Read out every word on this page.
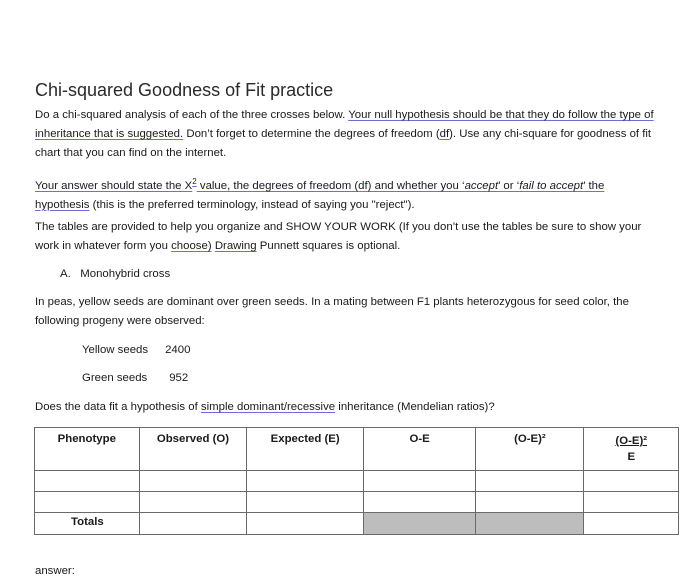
Chi-squared Goodness of Fit practice
Do a chi-squared analysis of each of the three crosses below. Your null hypothesis should be that they do follow the type of inheritance that is suggested. Don’t forget to determine the degrees of freedom (df). Use any chi-square for goodness of fit chart that you can find on the internet.
Your answer should state the $X^2$ value, the degrees of freedom (df) and whether you ‘accept’ or ‘fail to accept’ the hypothesis (this is the preferred terminology, instead of saying you "reject").
The tables are provided to help you organize and SHOW YOUR WORK (If you don’t use the tables be sure to show your work in whatever form you choose) Drawing Punnett squares is optional.
A. Monohybrid cross
In peas, yellow seeds are dominant over green seeds. In a mating between F1 plants heterozygous for seed color, the following progeny were observed:
Yellow seeds 2400
Green seeds 952
Does the data fit a hypothesis of simple dominant/recessive inheritance (Mendelian ratios)?
Phenotype	Observed (O)	Expected (E)	O-E	(O-E)²	$\frac{\text{(O-E)²}}{E}$

Totals					
answer:
